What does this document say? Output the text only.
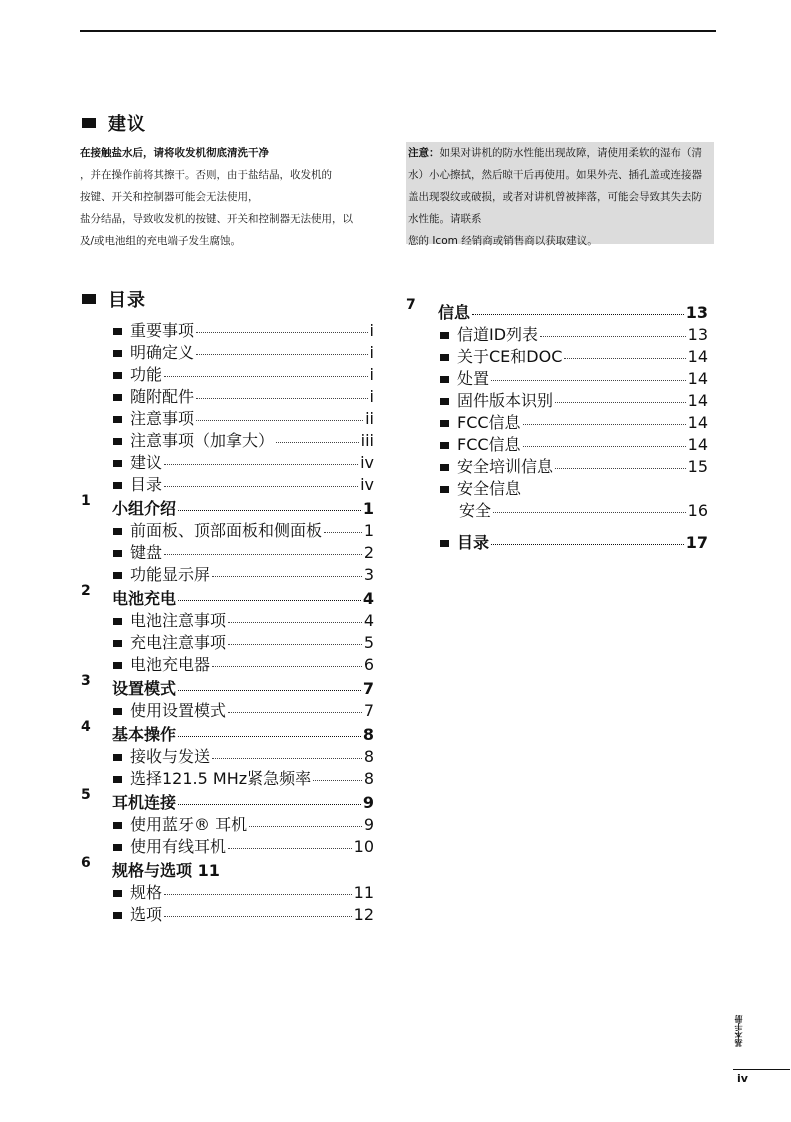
建议
在接触盐水后，请将收发机彻底清洗干净
，并在操作前将其擦干。否则，由于盐结晶，收发机的
按键、开关和控制器可能会无法使用，
盐分结晶，导致收发机的按键、开关和控制器无法使用，以
及/或电池组的充电端子发生腐蚀。
注意：如果对讲机的防水性能出现故障，请使用柔软的湿布（清
水）小心擦拭，然后晾干后再使用。如果外壳、插孔盖或连接器
盖出现裂纹或破损，或者对讲机曾被摔落，可能会导致其失去防
水性能。请联系
您的 Icom 经销商或销售商以获取建议。
目录
重要事项	i
明确定义	i
功能	i
随附配件	i
注意事项	ii
注意事项（加拿大）	iii
建议	iv
目录	iv
1 小组介绍	1
前面板、顶部面板和侧面板	1
键盘	2
功能显示屏	3
2 电池充电	4
电池注意事项	4
充电注意事项	5
电池充电器	6
3 设置模式	7
使用设置模式	7
4 基本操作	8
接收与发送	8
选择121.5 MHz紧急频率	8
5 耳机连接	9
使用蓝牙® 耳机	9
使用有线耳机	10
6 规格与选项 11
规格	11
选项	12
7 信息	13
信道ID列表	13
关于CE和DOC	14
处置	14
固件版本识别	14
FCC信息	14
FCC信息	14
安全培训信息	15
安全信息
安全	16
目录	17
基本手册
iv
